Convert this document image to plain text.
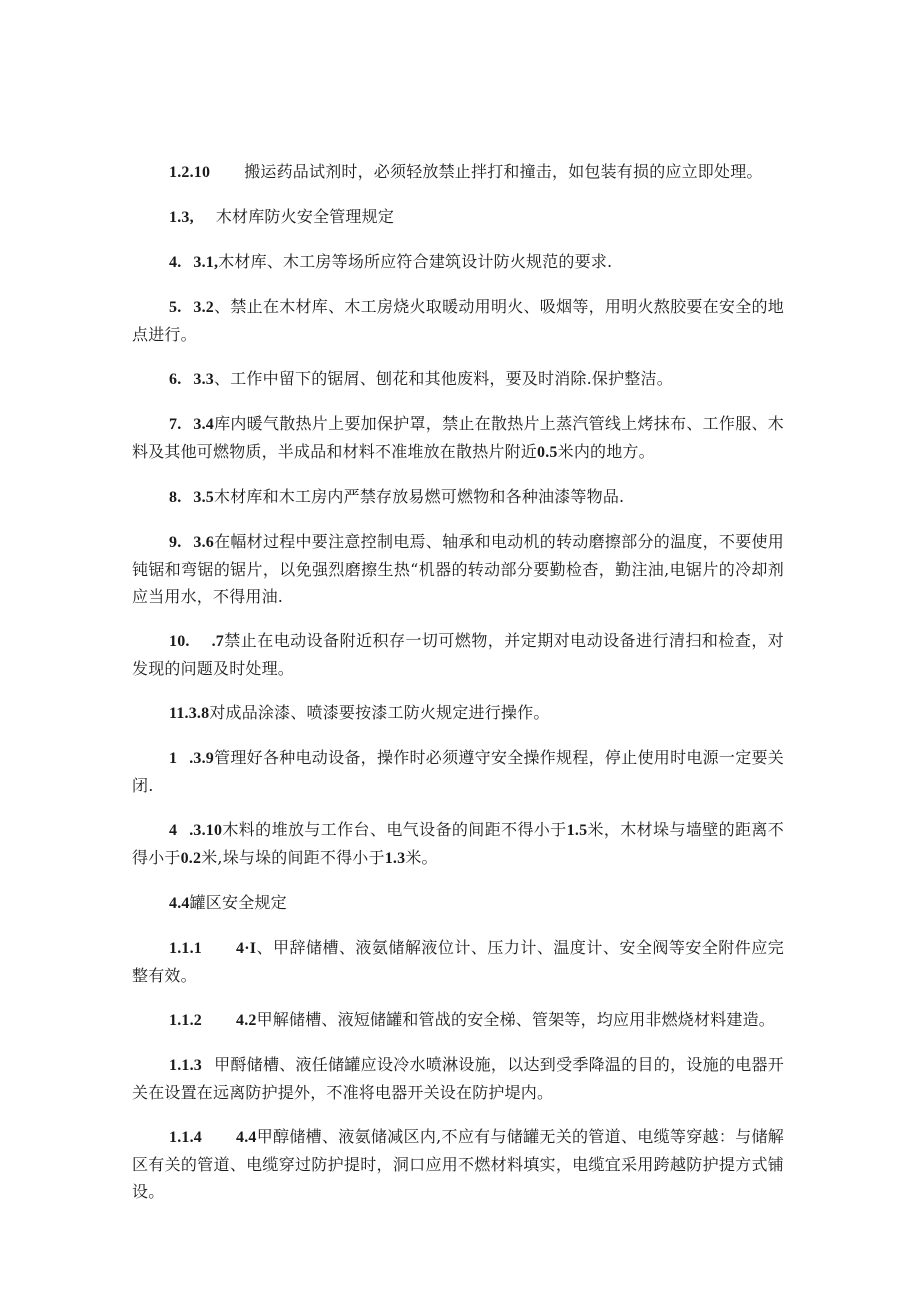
1.2.10 搬运药品试剂时，必须轻放禁止拌打和撞击，如包装有损的应立即处理。

1.3, 木材库防火安全管理规定

4. 3.1,木材库、木工房等场所应符合建筑设计防火规范的要求.

5. 3.2、禁止在木材库、木工房烧火取暖动用明火、吸烟等，用明火熬胶要在安全的地点进行。

6. 3.3、工作中留下的锯屑、刨花和其他废料，要及时消除.保护整洁。

7. 3.4库内暖气散热片上要加保护罩，禁止在散热片上蒸汽管线上烤抹布、工作服、木料及其他可燃物质，半成品和材料不准堆放在散热片附近0.5米内的地方。

8. 3.5木材库和木工房内严禁存放易燃可燃物和各种油漆等物品.

9. 3.6在幅材过程中要注意控制电焉、轴承和电动机的转动磨擦部分的温度，不要使用钝锯和弯锯的锯片，以免强烈磨擦生热“机器的转动部分要勤检杳，勤注油,电锯片的冷却剂应当用水，不得用油.

10. .7禁止在电动设备附近积存一切可燃物，并定期对电动设备进行清扫和检查，对发现的问题及时处理。

11.3.8对成品涂漆、喷漆要按漆工防火规定进行操作。

1 .3.9管理好各种电动设备，操作时必须遵守安全操作规程，停止使用时电源一定要关闭.

4 .3.10木料的堆放与工作台、电气设备的间距不得小于1.5米，木材垛与墙壁的距离不得小于0.2米,垛与垛的间距不得小于1.3米。

4.4罐区安全规定

1.1.1 4·I、甲辞储槽、液氨储解液位计、压力计、温度计、安全阀等安全附件应完整有效。

1.1.2 4.2甲解储槽、液短储罐和管战的安全梯、管架等，均应用非燃烧材料建造。

1.1.3 甲酹储槽、液任储罐应设冷水喷淋设施，以达到受季降温的目的，设施的电器开关在设置在远离防护提外，不准将电器开关设在防护堤内。

1.1.4 4.4甲醇储槽、液氨储减区内,不应有与储罐无关的管道、电缆等穿越：与储解区有关的管道、电缆穿过防护提时，洞口应用不燃材料填实，电缆宜采用跨越防护提方式铺设。
